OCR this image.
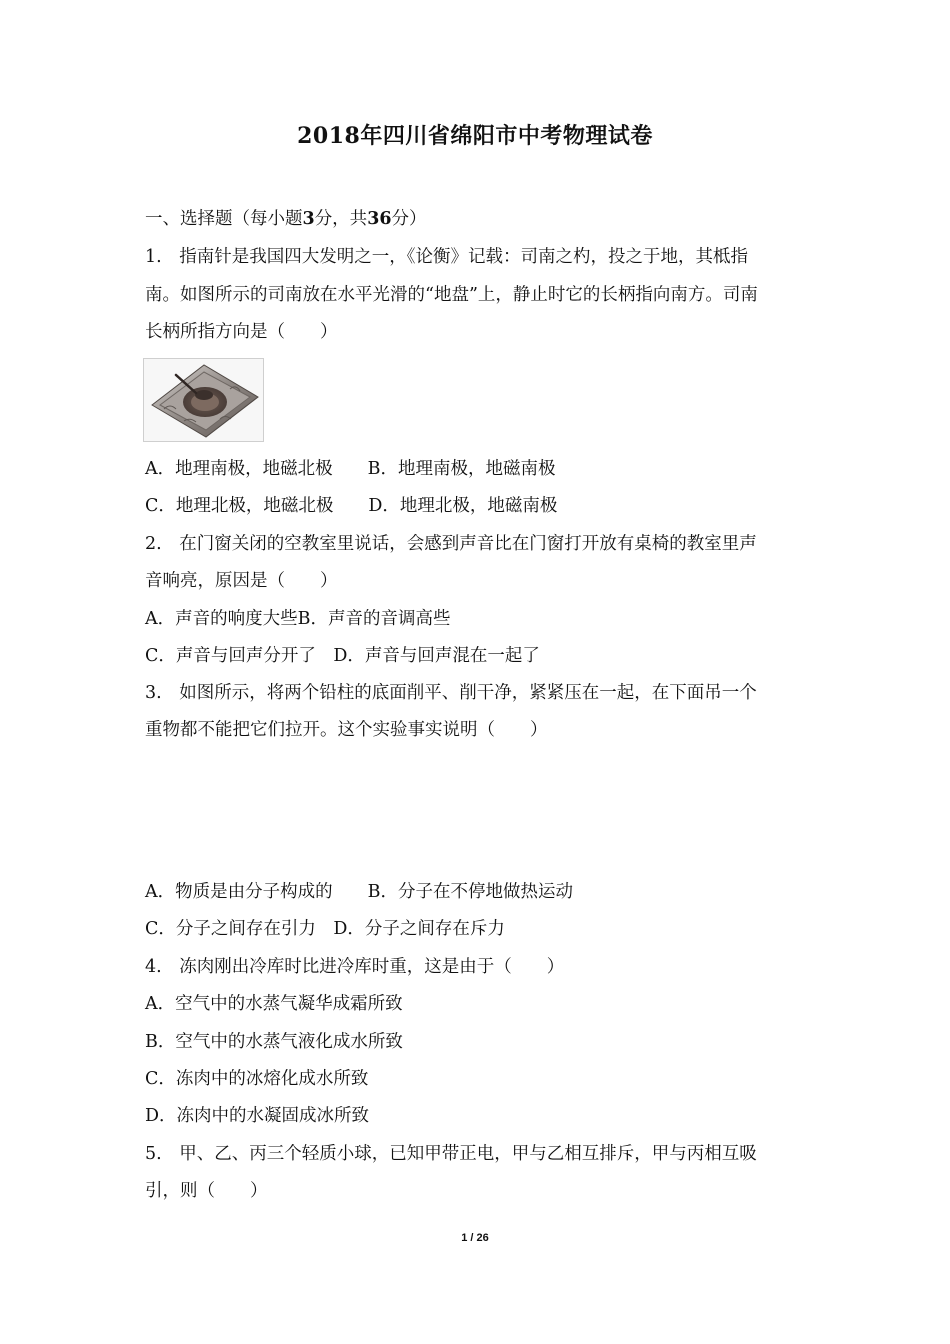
2018年四川省绵阳市中考物理试卷
一、选择题（每小题3分，共36分）
1.　指南针是我国四大发明之一，《论衡》记载：司南之杓，投之于地，其柢指
南。如图所示的司南放在水平光滑的“地盘”上，静止时它的长柄指向南方。司南
长柄所指方向是（　　）
A．地理南极，地磁北极　　B．地理南极，地磁南极
C．地理北极，地磁北极　　D．地理北极，地磁南极
2.　在门窗关闭的空教室里说话，会感到声音比在门窗打开放有桌椅的教室里声
音响亮，原因是（　　）
A．声音的响度大些B．声音的音调高些
C．声音与回声分开了　D．声音与回声混在一起了
3.　如图所示，将两个铅柱的底面削平、削干净，紧紧压在一起，在下面吊一个
重物都不能把它们拉开。这个实验事实说明（　　）
A．物质是由分子构成的　　B．分子在不停地做热运动
C．分子之间存在引力　D．分子之间存在斥力
4.　冻肉刚出冷库时比进冷库时重，这是由于（　　）
A．空气中的水蒸气凝华成霜所致
B．空气中的水蒸气液化成水所致
C．冻肉中的冰熔化成水所致
D．冻肉中的水凝固成冰所致
5.　甲、乙、丙三个轻质小球，已知甲带正电，甲与乙相互排斥，甲与丙相互吸
引，则（　　）
1 / 26
